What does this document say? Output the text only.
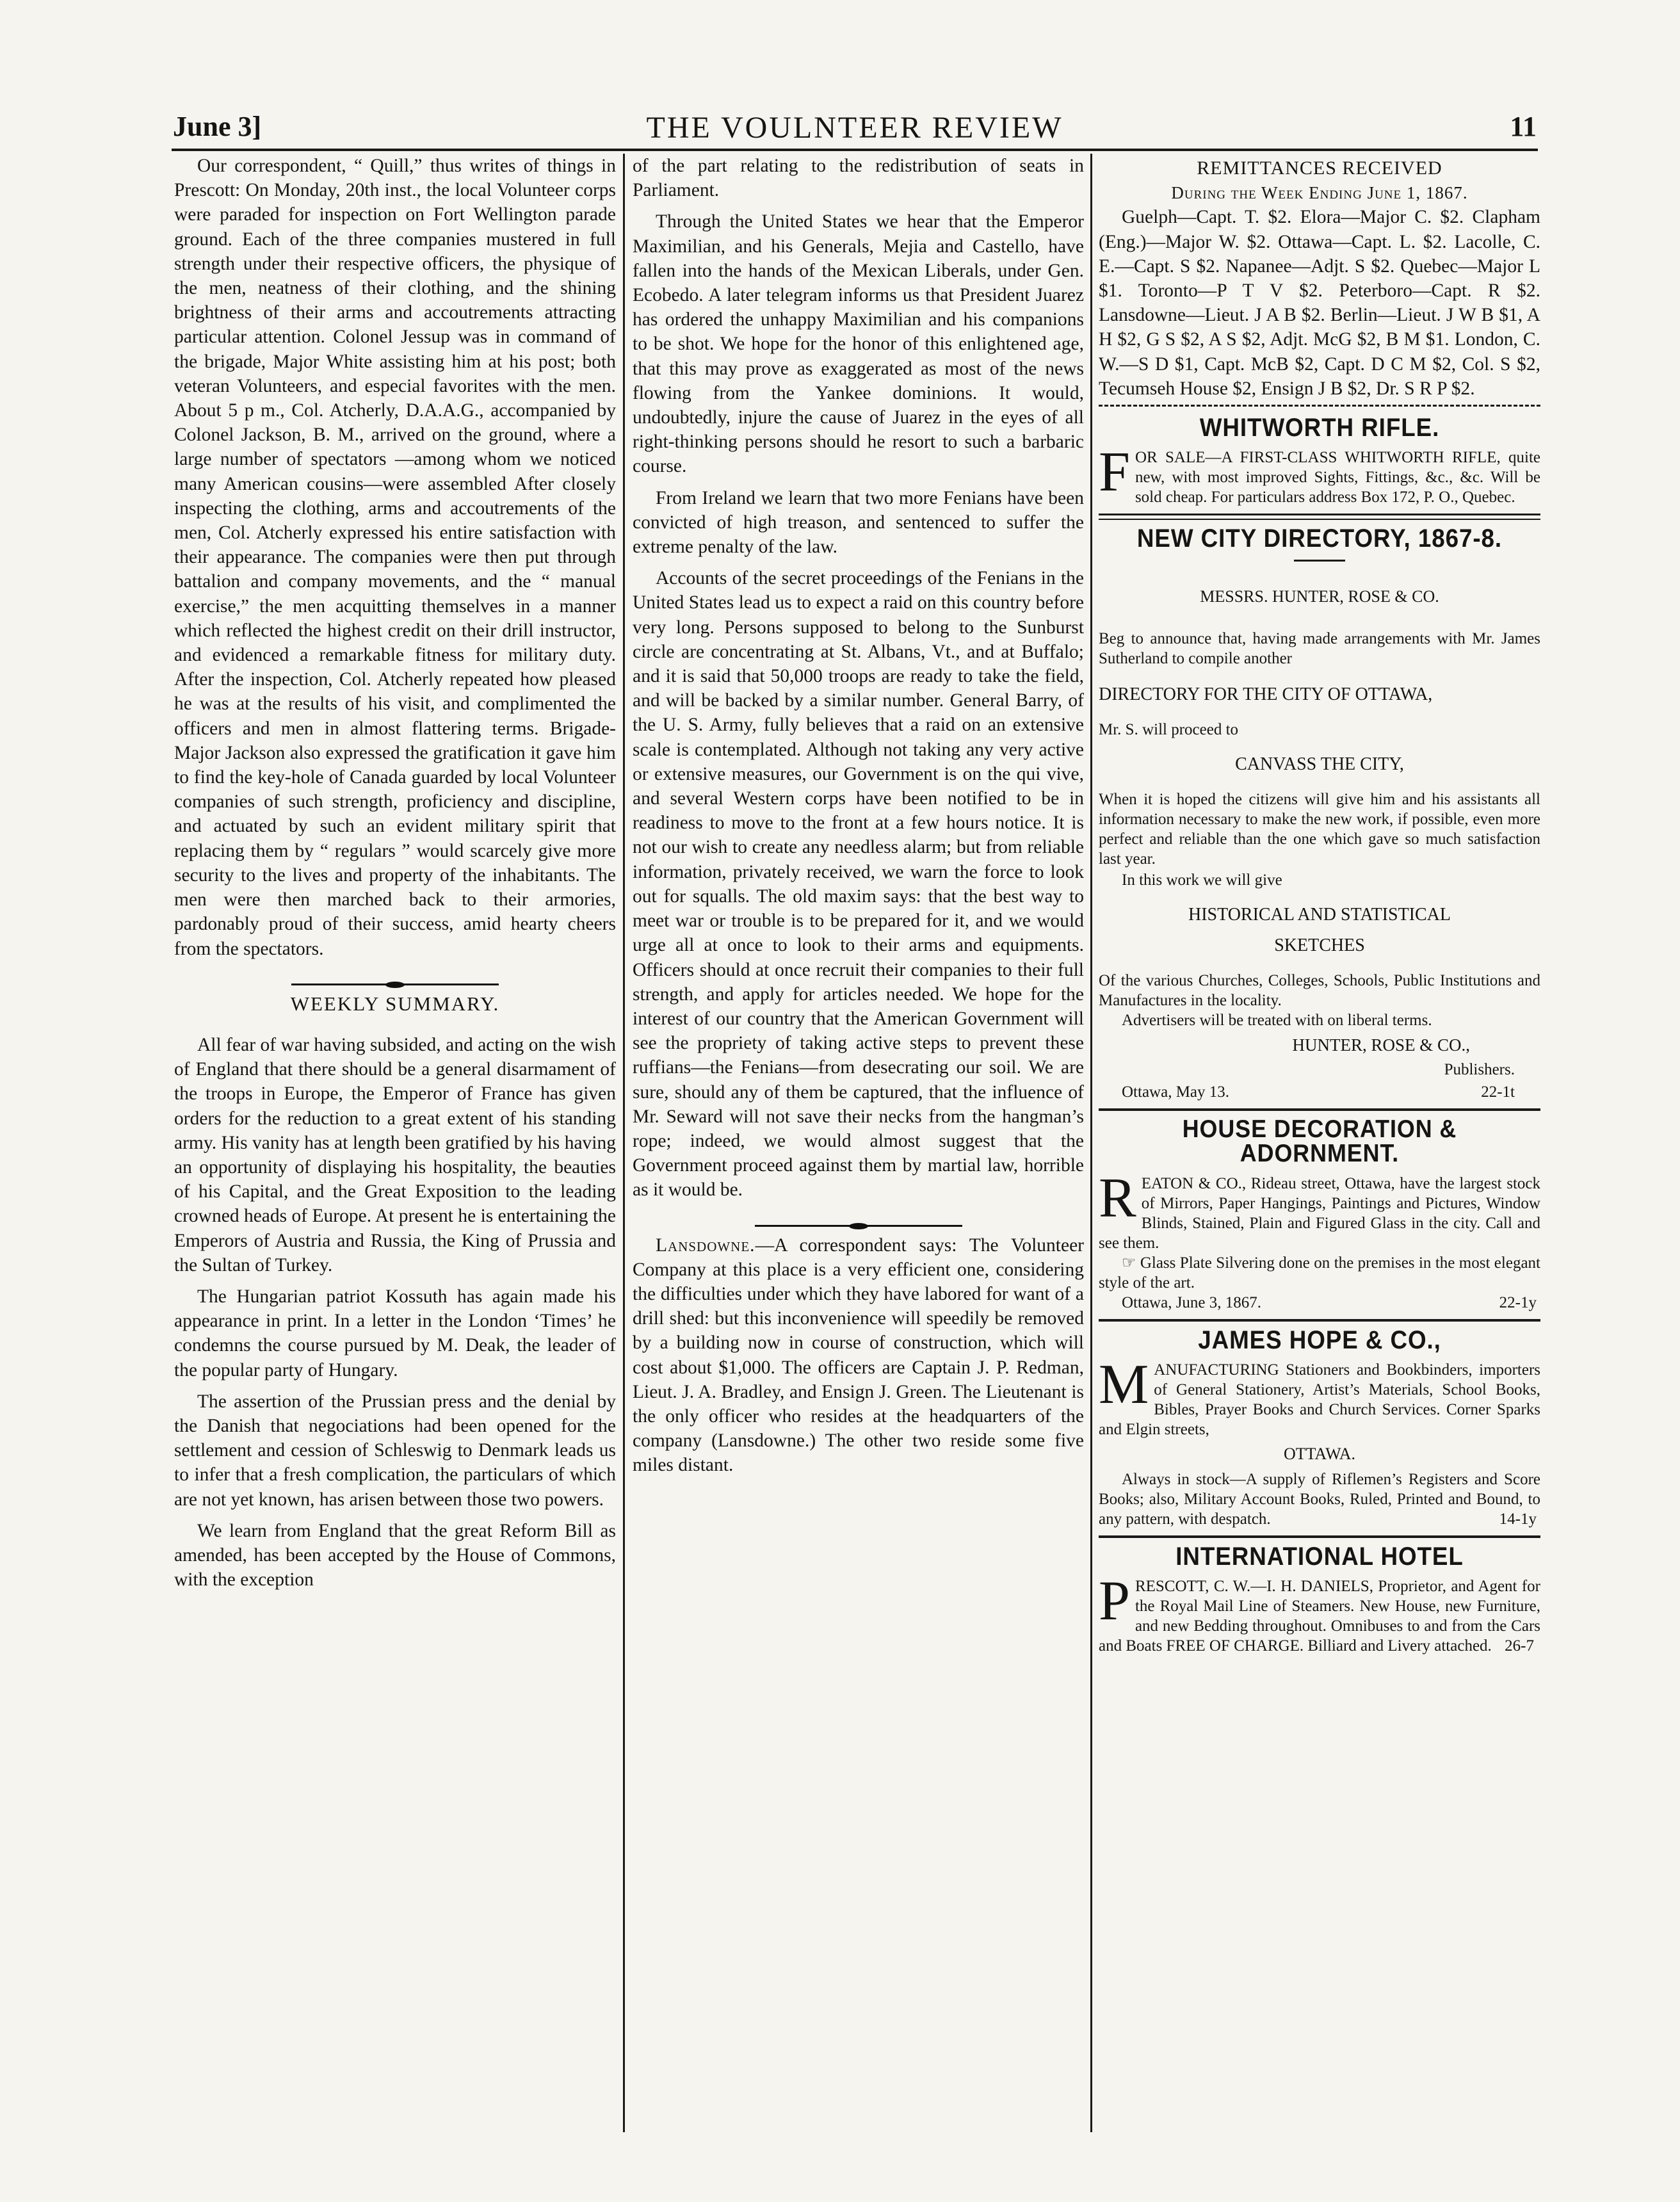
June 3]	THE VOULNTEER REVIEW	11

Our correspondent, “ Quill,” thus writes of things in Prescott: On Monday, 20th inst., the local Volunteer corps were paraded for inspection on Fort Wellington parade ground. Each of the three companies mustered in full strength under their respective officers, the physique of the men, neatness of their clothing, and the shining brightness of their arms and accoutrements attracting particular attention. Colonel Jessup was in command of the brigade, Major White assisting him at his post; both veteran Volunteers, and especial favorites with the men. About 5 p m., Col. Atcherly, D.A.A.G., accompanied by Colonel Jackson, B. M., arrived on the ground, where a large number of spectators —among whom we noticed many American cousins—were assembled After closely inspecting the clothing, arms and accoutrements of the men, Col. Atcherly expressed his entire satisfaction with their appearance. The companies were then put through battalion and company movements, and the “ manual exercise,” the men acquitting themselves in a manner which reflected the highest credit on their drill instructor, and evidenced a remarkable fitness for military duty. After the inspection, Col. Atcherly repeated how pleased he was at the results of his visit, and complimented the officers and men in almost flattering terms. Brigade-Major Jackson also expressed the gratification it gave him to find the key-hole of Canada guarded by local Volunteer companies of such strength, proficiency and discipline, and actuated by such an evident military spirit that replacing them by “ regulars ” would scarcely give more security to the lives and property of the inhabitants. The men were then marched back to their armories, pardonably proud of their success, amid hearty cheers from the spectators.

WEEKLY SUMMARY.

All fear of war having subsided, and acting on the wish of England that there should be a general disarmament of the troops in Europe, the Emperor of France has given orders for the reduction to a great extent of his standing army. His vanity has at length been gratified by his having an opportunity of displaying his hospitality, the beauties of his Capital, and the Great Exposition to the leading crowned heads of Europe. At present he is entertaining the Emperors of Austria and Russia, the King of Prussia and the Sultan of Turkey.

The Hungarian patriot Kossuth has again made his appearance in print. In a letter in the London ‘Times’ he condemns the course pursued by M. Deak, the leader of the popular party of Hungary.

The assertion of the Prussian press and the denial by the Danish that negociations had been opened for the settlement and cession of Schleswig to Denmark leads us to infer that a fresh complication, the particulars of which are not yet known, has arisen between those two powers.

We learn from England that the great Reform Bill as amended, has been accepted by the House of Commons, with the exception

of the part relating to the redistribution of seats in Parliament.

Through the United States we hear that the Emperor Maximilian, and his Generals, Mejia and Castello, have fallen into the hands of the Mexican Liberals, under Gen. Ecobedo. A later telegram informs us that President Juarez has ordered the unhappy Maximilian and his companions to be shot. We hope for the honor of this enlightened age, that this may prove as exaggerated as most of the news flowing from the Yankee dominions. It would, undoubtedly, injure the cause of Juarez in the eyes of all right-thinking persons should he resort to such a barbaric course.

From Ireland we learn that two more Fenians have been convicted of high treason, and sentenced to suffer the extreme penalty of the law.

Accounts of the secret proceedings of the Fenians in the United States lead us to expect a raid on this country before very long. Persons supposed to belong to the Sunburst circle are concentrating at St. Albans, Vt., and at Buffalo; and it is said that 50,000 troops are ready to take the field, and will be backed by a similar number. General Barry, of the U. S. Army, fully believes that a raid on an extensive scale is contemplated. Although not taking any very active or extensive measures, our Government is on the qui vive, and several Western corps have been notified to be in readiness to move to the front at a few hours notice. It is not our wish to create any needless alarm; but from reliable information, privately received, we warn the force to look out for squalls. The old maxim says: that the best way to meet war or trouble is to be prepared for it, and we would urge all at once to look to their arms and equipments. Officers should at once recruit their companies to their full strength, and apply for articles needed. We hope for the interest of our country that the American Government will see the propriety of taking active steps to prevent these ruffians—the Fenians—from desecrating our soil. We are sure, should any of them be captured, that the influence of Mr. Seward will not save their necks from the hangman’s rope; indeed, we would almost suggest that the Government proceed against them by martial law, horrible as it would be.

Lansdowne.—A correspondent says: The Volunteer Company at this place is a very efficient one, considering the difficulties under which they have labored for want of a drill shed: but this inconvenience will speedily be removed by a building now in course of construction, which will cost about $1,000. The officers are Captain J. P. Redman, Lieut. J. A. Bradley, and Ensign J. Green. The Lieutenant is the only officer who resides at the headquarters of the company (Lansdowne.) The other two reside some five miles distant.

REMITTANCES RECEIVED
During the Week Ending June 1, 1867.

Guelph—Capt. T. $2. Elora—Major C. $2. Clapham (Eng.)—Major W. $2. Ottawa—Capt. L. $2. Lacolle, C. E.—Capt. S $2. Napanee—Adjt. S $2. Quebec—Major L $1. Toronto—P T V $2. Peterboro—Capt. R $2. Lansdowne—Lieut. J A B $2. Berlin—Lieut. J W B $1, A H $2, G S $2, A S $2, Adjt. McG $2, B M $1. London, C. W.—S D $1, Capt. McB $2, Capt. D C M $2, Col. S $2, Tecumseh House $2, Ensign J B $2, Dr. S R P $2.

WHITWORTH RIFLE.
FOR SALE—A FIRST-CLASS WHITWORTH RIFLE, quite new, with most improved Sights, Fittings, &c., &c. Will be sold cheap. For particulars address Box 172, P. O., Quebec.
NEW CITY DIRECTORY, 1867-8.
MESSRS. HUNTER, ROSE & CO.
Beg to announce that, having made arrangements with Mr. James Sutherland to compile another
DIRECTORY FOR THE CITY OF OTTAWA,
Mr. S. will proceed to
CANVASS THE CITY,
When it is hoped the citizens will give him and his assistants all information necessary to make the new work, if possible, even more perfect and reliable than the one which gave so much satisfaction last year.
In this work we will give
HISTORICAL AND STATISTICAL
SKETCHES
Of the various Churches, Colleges, Schools, Public Institutions and Manufactures in the locality.
Advertisers will be treated with on liberal terms.
HUNTER, ROSE & CO.,
Publishers.
Ottawa, May 13.	22-1t
HOUSE DECORATION & ADORNMENT.
REATON & CO., Rideau street, Ottawa, have the largest stock of Mirrors, Paper Hangings, Paintings and Pictures, Window Blinds, Stained, Plain and Figured Glass in the city. Call and see them.
☞ Glass Plate Silvering done on the premises in the most elegant style of the art.
Ottawa, June 3, 1867.	22-1y
JAMES HOPE & CO.,
MANUFACTURING Stationers and Bookbinders, importers of General Stationery, Artist’s Materials, School Books, Bibles, Prayer Books and Church Services. Corner Sparks and Elgin streets,
OTTAWA.
Always in stock—A supply of Riflemen’s Registers and Score Books; also, Military Account Books, Ruled, Printed and Bound, to any pattern, with despatch.	14-1y
INTERNATIONAL HOTEL
PRESCOTT, C. W.—I. H. DANIELS, Proprietor, and Agent for the Royal Mail Line of Steamers. New House, new Furniture, and new Bedding throughout. Omnibuses to and from the Cars and Boats FREE OF CHARGE. Billiard and Livery attached. 26-7
